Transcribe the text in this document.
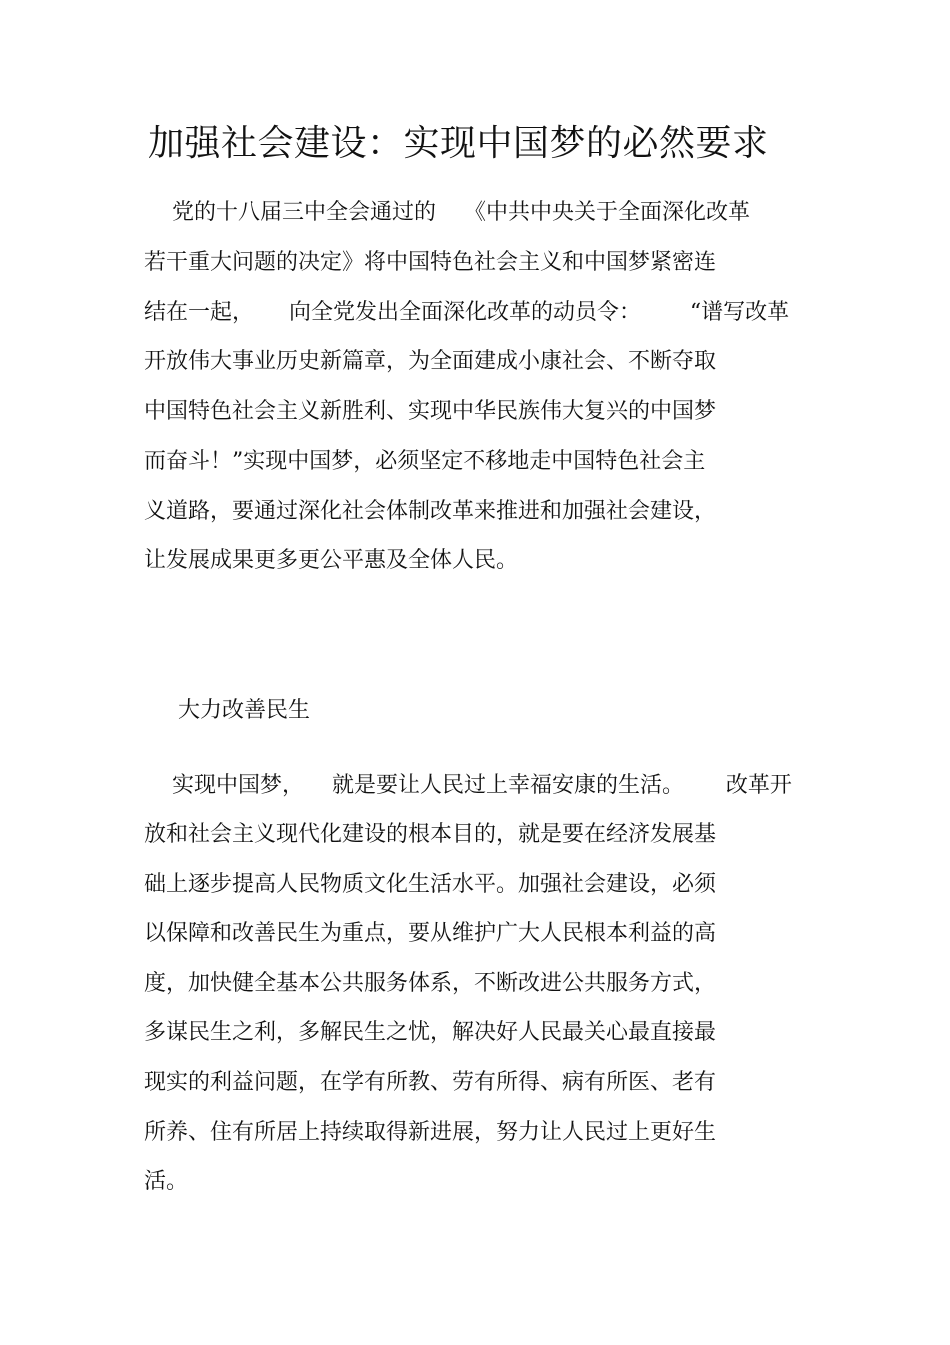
加强社会建设：实现中国梦的必然要求
党的十八届三中全会通过的    《中共中央关于全面深化改革
若干重大问题的决定》将中国特色社会主义和中国梦紧密连
结在一起，     向全党发出全面深化改革的动员令：       “谱写改革
开放伟大事业历史新篇章，为全面建成小康社会、不断夺取
中国特色社会主义新胜利、实现中华民族伟大复兴的中国梦
而奋斗！”实现中国梦，必须坚定不移地走中国特色社会主
义道路，要通过深化社会体制改革来推进和加强社会建设，
让发展成果更多更公平惠及全体人民。
大力改善民生
实现中国梦，    就是要让人民过上幸福安康的生活。      改革开
放和社会主义现代化建设的根本目的，就是要在经济发展基
础上逐步提高人民物质文化生活水平。加强社会建设，必须
以保障和改善民生为重点，要从维护广大人民根本利益的高
度，加快健全基本公共服务体系，不断改进公共服务方式，
多谋民生之利，多解民生之忧，解决好人民最关心最直接最
现实的利益问题，在学有所教、劳有所得、病有所医、老有
所养、住有所居上持续取得新进展，努力让人民过上更好生
活。
